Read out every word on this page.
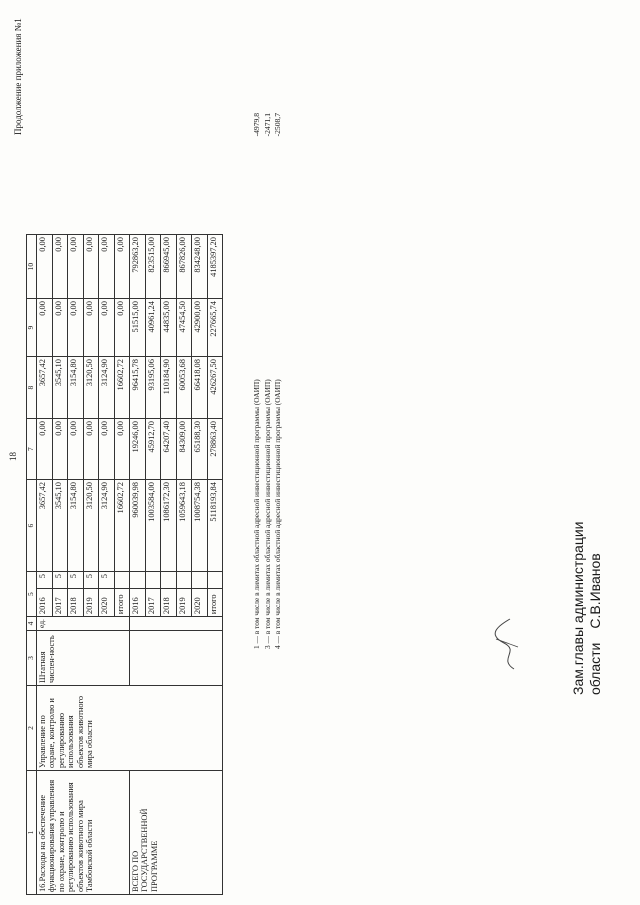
18
Продолжение приложения №1
1	2	3	4	5		6	7	8	9	10
16.Расходы на обеспечение функционирования управления по охране, контролю и регулированию использования объектов животного мира Тамбовской области	Управление по охране, контролю и регулированию использования объектов животного мира области	Штатная числен-ность	ед.	2016	5	3657,42	0,00	3657,42	0,00	0,00
				2017	5	3545,10	0,00	3545,10	0,00	0,00
				2018	5	3154,80	0,00	3154,80	0,00	0,00
				2019	5	3120,50	0,00	3120,50	0,00	0,00
				2020	5	3124,90	0,00	3124,90	0,00	0,00
				итого		16602,72	0,00	16602,72	0,00	0,00
ВСЕГО ПО ГОСУДАРСТВЕННОЙ ПРОГРАММЕ				2016		960039,98	19246,00	96415,78	51515,00	792863,20
				2017		1003584,00	45912,70	93195,06	40961,24	823515,00
				2018		1086172,30	64207,40	110184,90	44835,00	866945,00
				2019		1059643,18	84309,00	60053,68	47454,50	867826,00
				2020		1008754,38	65188,30	66418,08	42900,00	834248,00
				итого		5118193,84	278863,40	426267,50	227665,74	4185397,20
1 — в том числе в лимитах областной адресной инвестиционной программы (ОАИП) 3 — в том числе в лимитах областной адресной инвестиционной программы (ОАИП) 4 — в том числе в лимитах областной адресной инвестиционной программы (ОАИП)
-4979,8 -2471,1 -2508,7
Зам.главы администрации областиС.В.Иванов
